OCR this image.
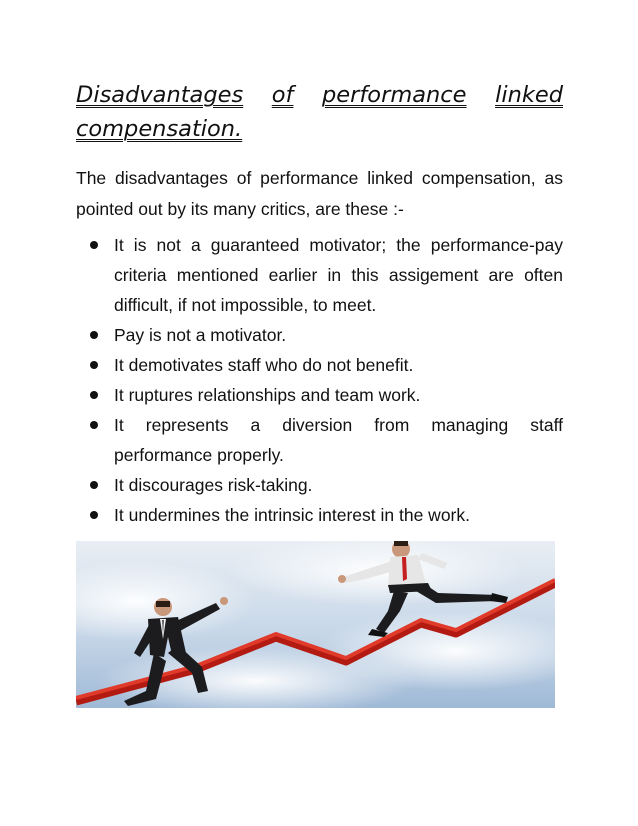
Disadvantages of performance linked
compensation.

The disadvantages of performance linked compensation, as pointed out by its many critics, are these :-

It is not a guaranteed motivator; the performance-pay criteria mentioned earlier in this assigement are often difficult, if not impossible, to meet.
Pay is not a motivator.
It demotivates staff who do not benefit.
It ruptures relationships and team work.
It represents a diversion from managing staff performance properly.
It discourages risk-taking.
It undermines the intrinsic interest in the work.
